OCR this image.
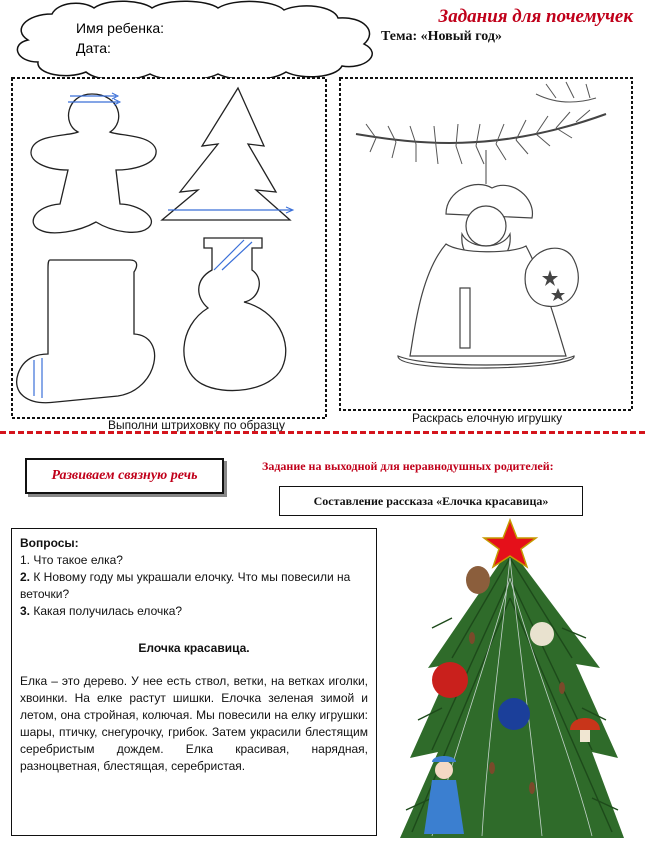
Имя ребенка:
Дата:
Задания для почемучек
Тема: «Новый год»
Выполни штриховку по образцу	Раскрась елочную игрушку
Развиваем связную речь
Задание на выходной для неравнодушных родителей:
Составление рассказа «Елочка красавица»
Вопросы:
1. Что такое елка?
2. К Новому году мы украшали елочку. Что мы повесили на веточки?
3. Какая получилась елочка?
Елочка красавица.
Елка – это дерево. У нее есть ствол, ветки, на ветках иголки, хвоинки. На елке растут шишки. Елочка зеленая зимой и летом, она стройная, колючая. Мы повесили на елку игрушки: шары, птичку, снегурочку, грибок. Затем украсили блестящим серебристым дождем. Елка красивая, нарядная, разноцветная, блестящая, серебристая.
